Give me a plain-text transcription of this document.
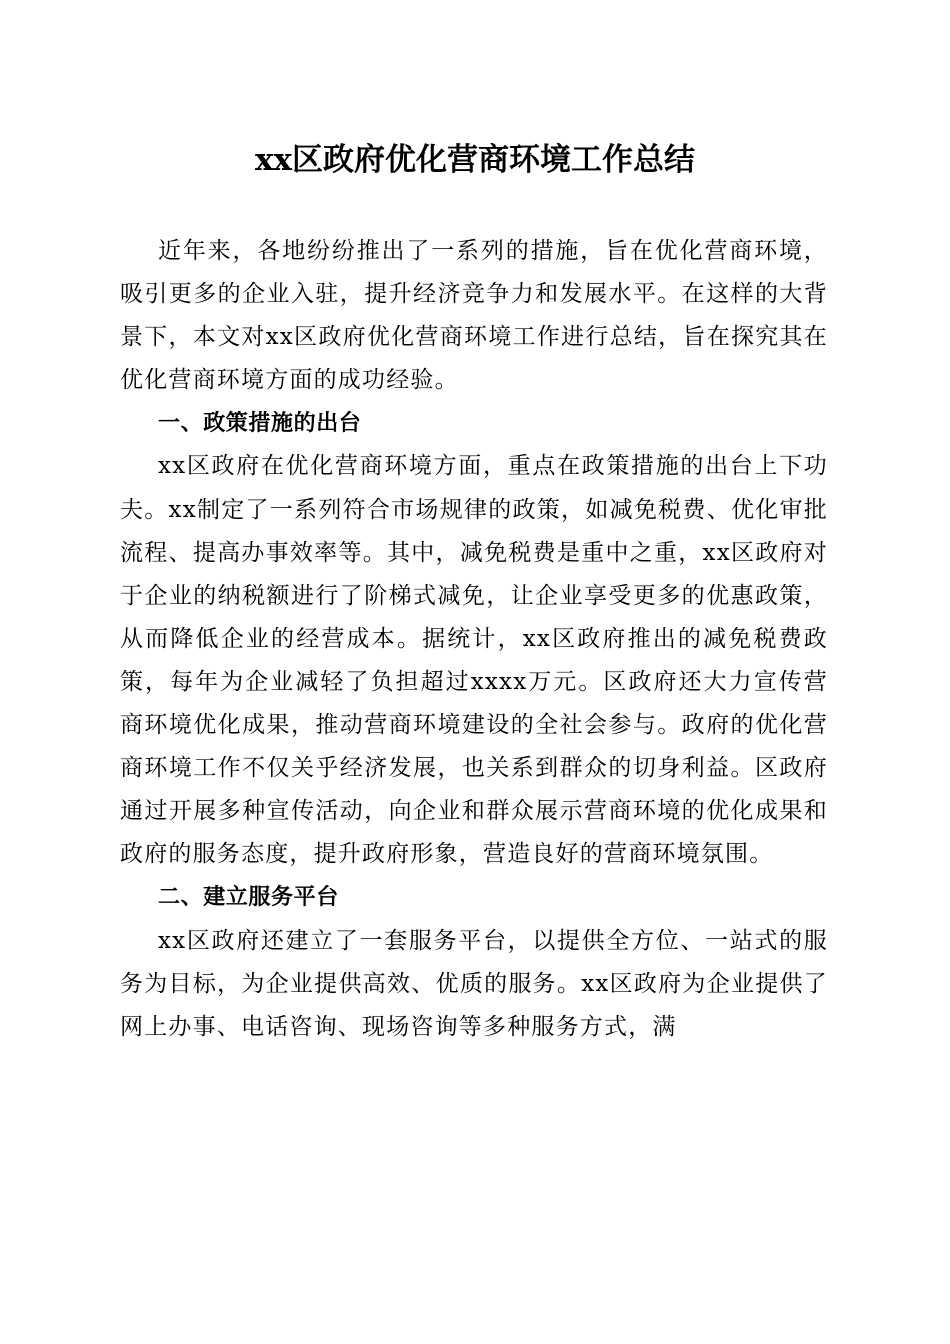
xx区政府优化营商环境工作总结

近年来，各地纷纷推出了一系列的措施，旨在优化营商环境，吸引更多的企业入驻，提升经济竞争力和发展水平。在这样的大背景下，本文对xx区政府优化营商环境工作进行总结，旨在探究其在优化营商环境方面的成功经验。

一、政策措施的出台

xx区政府在优化营商环境方面，重点在政策措施的出台上下功夫。xx制定了一系列符合市场规律的政策，如减免税费、优化审批流程、提高办事效率等。其中，减免税费是重中之重，xx区政府对于企业的纳税额进行了阶梯式减免，让企业享受更多的优惠政策，从而降低企业的经营成本。据统计，xx区政府推出的减免税费政策，每年为企业减轻了负担超过xxxx万元。区政府还大力宣传营商环境优化成果，推动营商环境建设的全社会参与。政府的优化营商环境工作不仅关乎经济发展，也关系到群众的切身利益。区政府通过开展多种宣传活动，向企业和群众展示营商环境的优化成果和政府的服务态度，提升政府形象，营造良好的营商环境氛围。

二、建立服务平台

xx区政府还建立了一套服务平台，以提供全方位、一站式的服务为目标，为企业提供高效、优质的服务。xx区政府为企业提供了网上办事、电话咨询、现场咨询等多种服务方式，满
